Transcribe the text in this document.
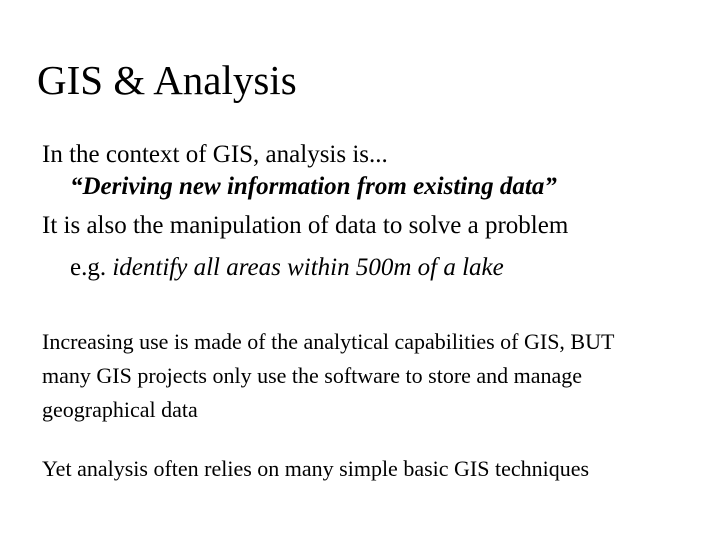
GIS & Analysis
In the context of GIS, analysis is...
“Deriving new information from existing data”
It is also the manipulation of data to solve a problem
e.g. identify all areas within 500m of a lake
Increasing use is made of the analytical capabilities of GIS, BUT
many GIS projects only use the software to store and manage
geographical data
Yet analysis often relies on many simple basic GIS techniques
